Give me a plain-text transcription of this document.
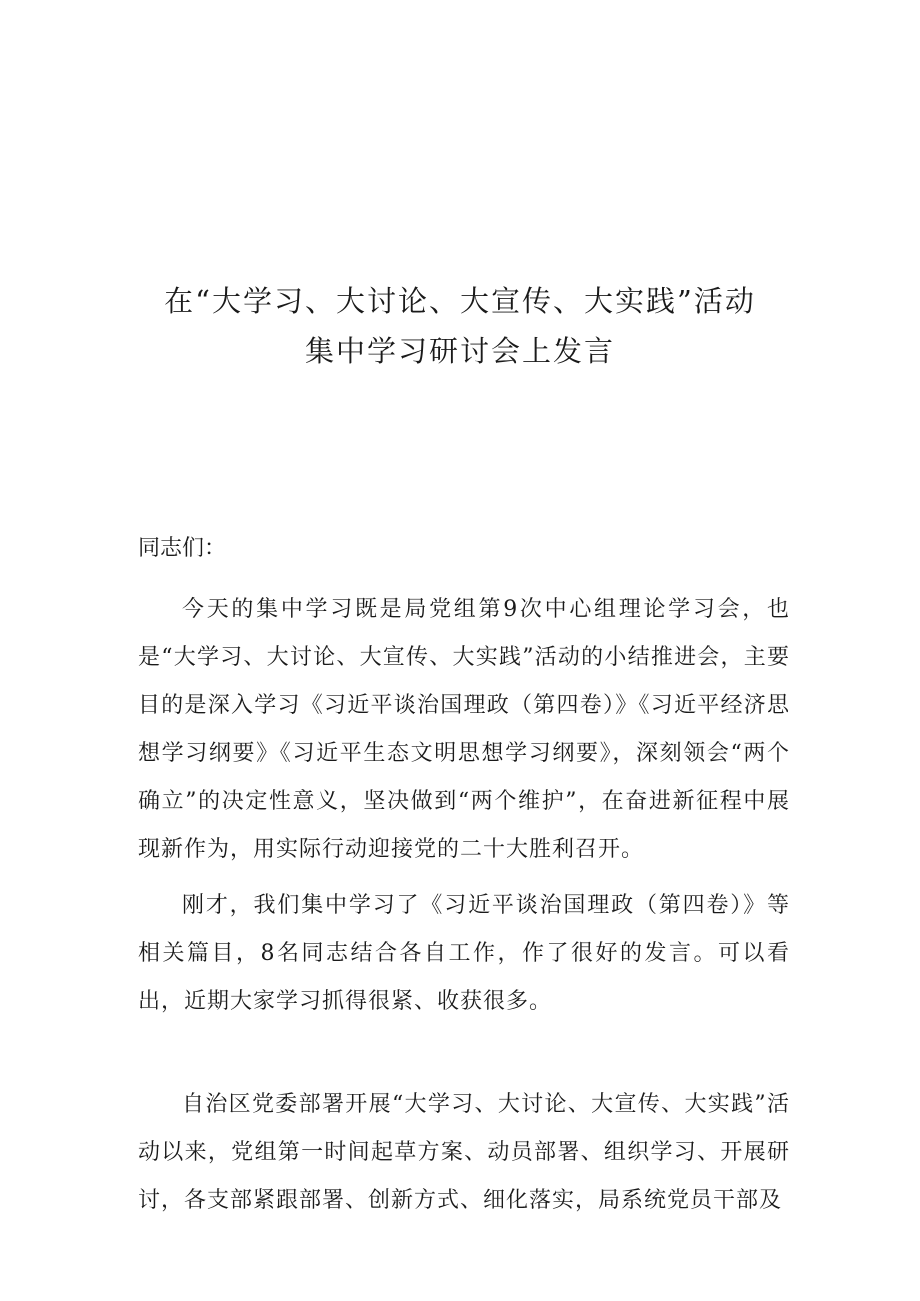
在“大学习、大讨论、大宣传、大实践”活动
集中学习研讨会上发言

同志们：

今天的集中学习既是局党组第9次中心组理论学习会，也是“大学习、大讨论、大宣传、大实践”活动的小结推进会，主要目的是深入学习《习近平谈治国理政（第四卷）》《习近平经济思想学习纲要》《习近平生态文明思想学习纲要》，深刻领会“两个确立”的决定性意义，坚决做到“两个维护”，在奋进新征程中展现新作为，用实际行动迎接党的二十大胜利召开。

刚才，我们集中学习了《习近平谈治国理政（第四卷）》等相关篇目，8名同志结合各自工作，作了很好的发言。可以看出，近期大家学习抓得很紧、收获很多。

自治区党委部署开展“大学习、大讨论、大宣传、大实践”活动以来，党组第一时间起草方案、动员部署、组织学习、开展研讨，各支部紧跟部署、创新方式、细化落实，局系统党员干部及
